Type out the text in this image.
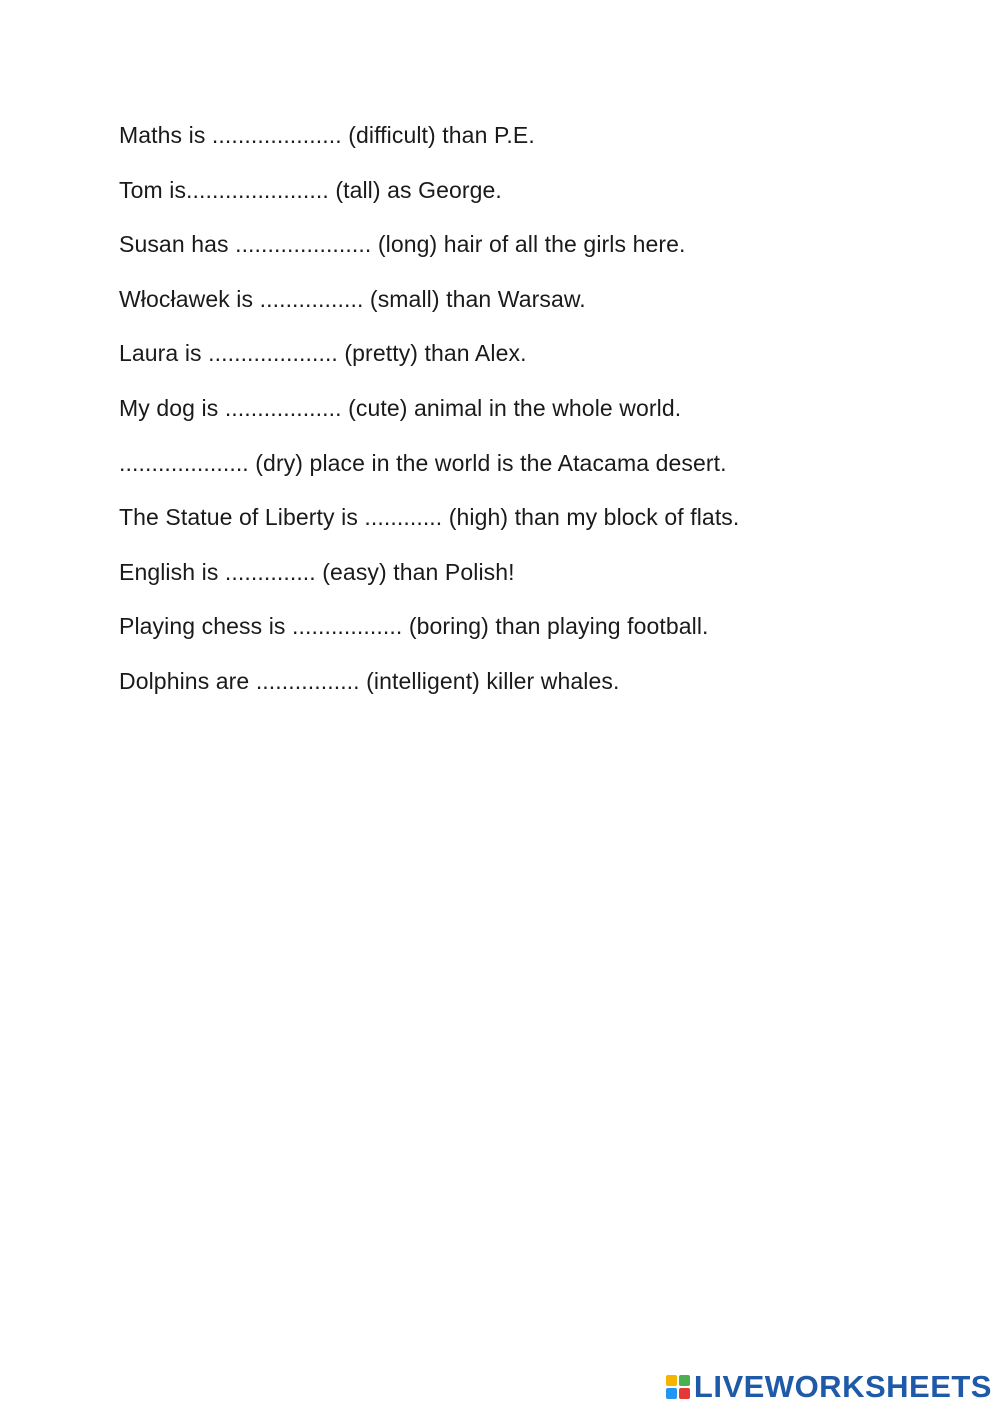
Maths is .................... (difficult) than P.E.
Tom is...................... (tall) as George.
Susan has ..................... (long) hair of all the girls here.
Włocławek is ................ (small) than Warsaw.
Laura is .................... (pretty) than Alex.
My dog is .................. (cute) animal in the whole world.
.................... (dry) place in the world is the Atacama desert.
The Statue of Liberty is ............ (high) than my block of flats.
English is .............. (easy) than Polish!
Playing chess is ................. (boring) than playing football.
Dolphins are ................ (intelligent) killer whales.
LIVEWORKSHEETS
